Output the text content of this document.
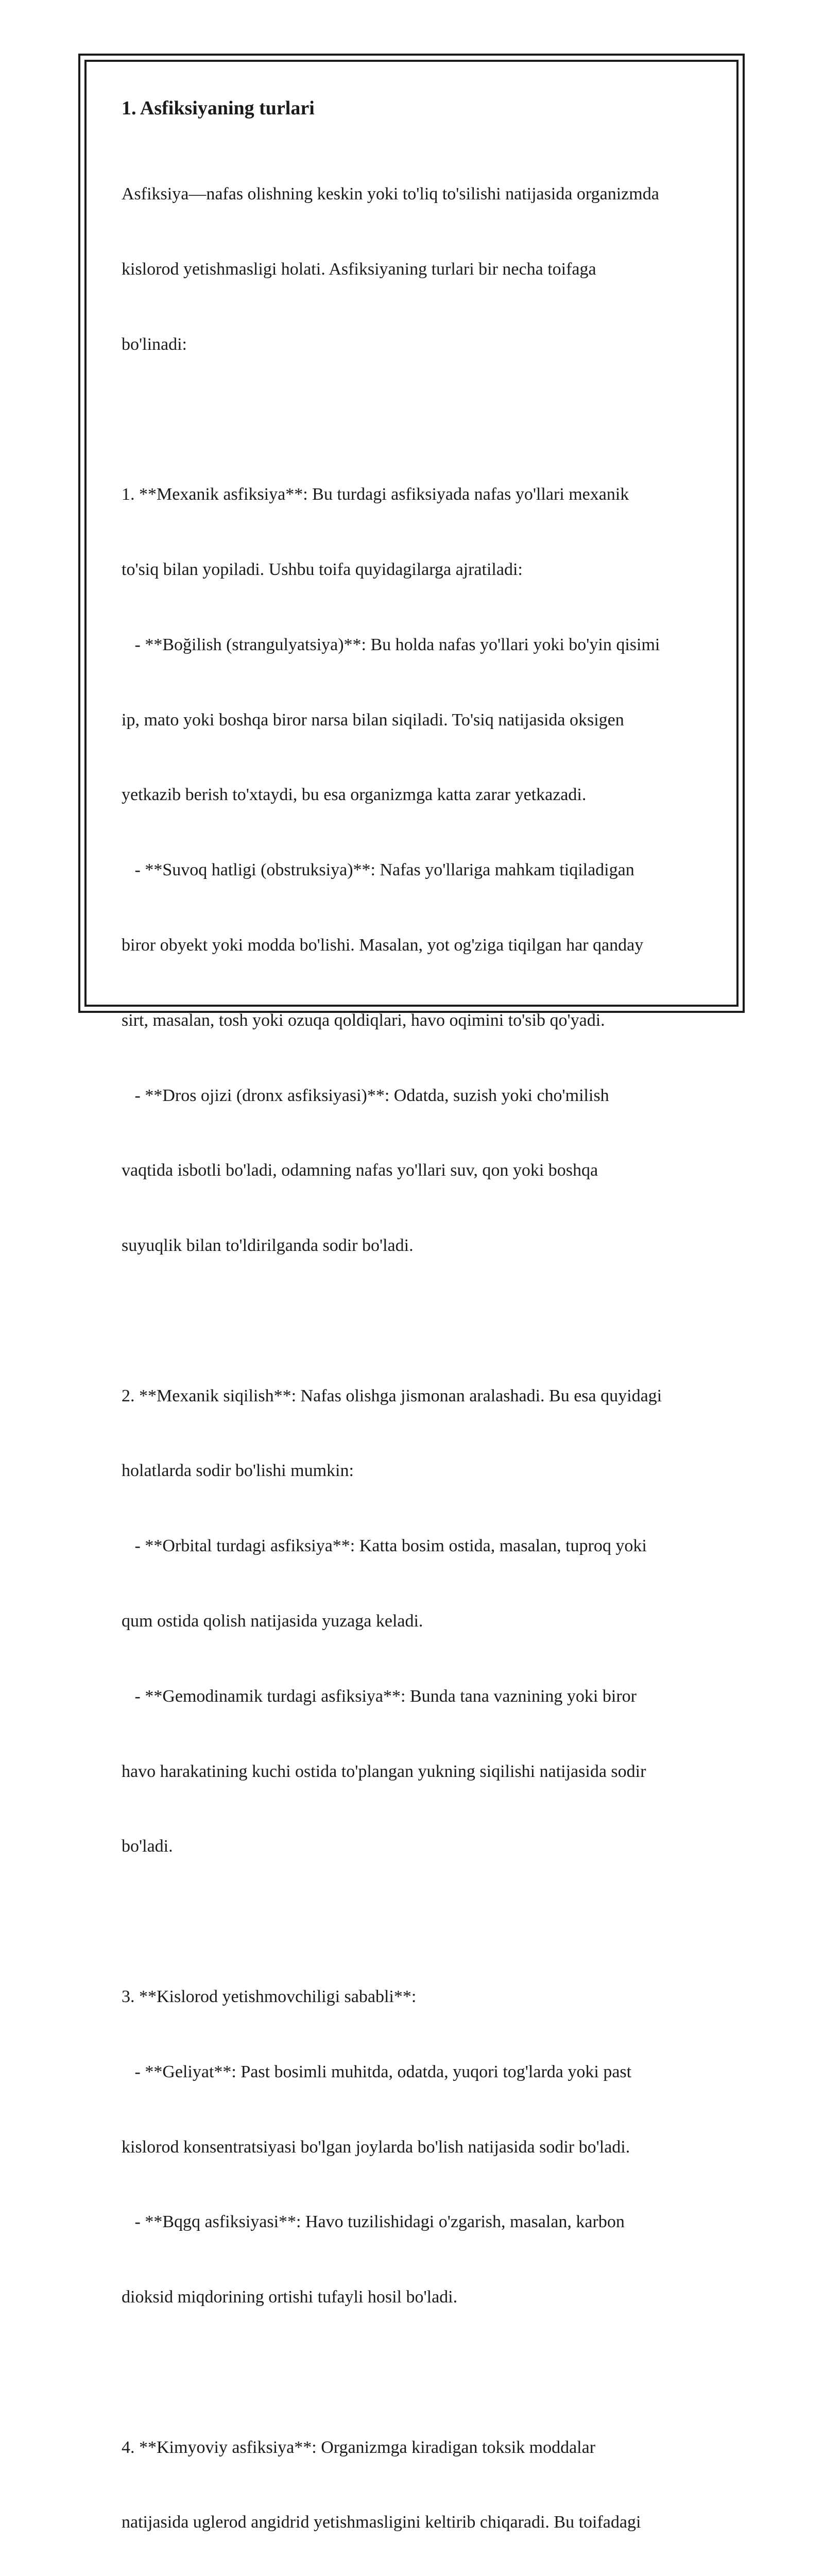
1. Asfiksiyaning turlari

Asfiksiya—nafas olishning keskin yoki to'liq to'silishi natijasida organizmda

kislorod yetishmasligi holati. Asfiksiyaning turlari bir necha toifaga

bo'linadi:

1. **Mexanik asfiksiya**: Bu turdagi asfiksiyada nafas yo'llari mexanik

to'siq bilan yopiladi. Ushbu toifa quyidagilarga ajratiladi:

- **Boğilish (strangulyatsiya)**: Bu holda nafas yo'llari yoki bo'yin qisimi

ip, mato yoki boshqa biror narsa bilan siqiladi. To'siq natijasida oksigen

yetkazib berish to'xtaydi, bu esa organizmga katta zarar yetkazadi.

- **Suvoq hatligi (obstruksiya)**: Nafas yo'llariga mahkam tiqiladigan

biror obyekt yoki modda bo'lishi. Masalan, yot og'ziga tiqilgan har qanday

sirt, masalan, tosh yoki ozuqa qoldiqlari, havo oqimini to'sib qo'yadi.

- **Dros ojizi (dronx asfiksiyasi)**: Odatda, suzish yoki cho'milish

vaqtida isbotli bo'ladi, odamning nafas yo'llari suv, qon yoki boshqa

suyuqlik bilan to'ldirilganda sodir bo'ladi.

2. **Mexanik siqilish**: Nafas olishga jismonan aralashadi. Bu esa quyidagi

holatlarda sodir bo'lishi mumkin:

- **Orbital turdagi asfiksiya**: Katta bosim ostida, masalan, tuproq yoki

qum ostida qolish natijasida yuzaga keladi.

- **Gemodinamik turdagi asfiksiya**: Bunda tana vaznining yoki biror

havo harakatining kuchi ostida to'plangan yukning siqilishi natijasida sodir

bo'ladi.

3. **Kislorod yetishmovchiligi sababli**:

- **Geliyat**: Past bosimli muhitda, odatda, yuqori tog'larda yoki past

kislorod konsentratsiyasi bo'lgan joylarda bo'lish natijasida sodir bo'ladi.

- **Bqgq asfiksiyasi**: Havo tuzilishidagi o'zgarish, masalan, karbon

dioksid miqdorining ortishi tufayli hosil bo'ladi.

4. **Kimyoviy asfiksiya**: Organizmga kiradigan toksik moddalar

natijasida uglerod angidrid yetishmasligini keltirib chiqaradi. Bu toifadagi
